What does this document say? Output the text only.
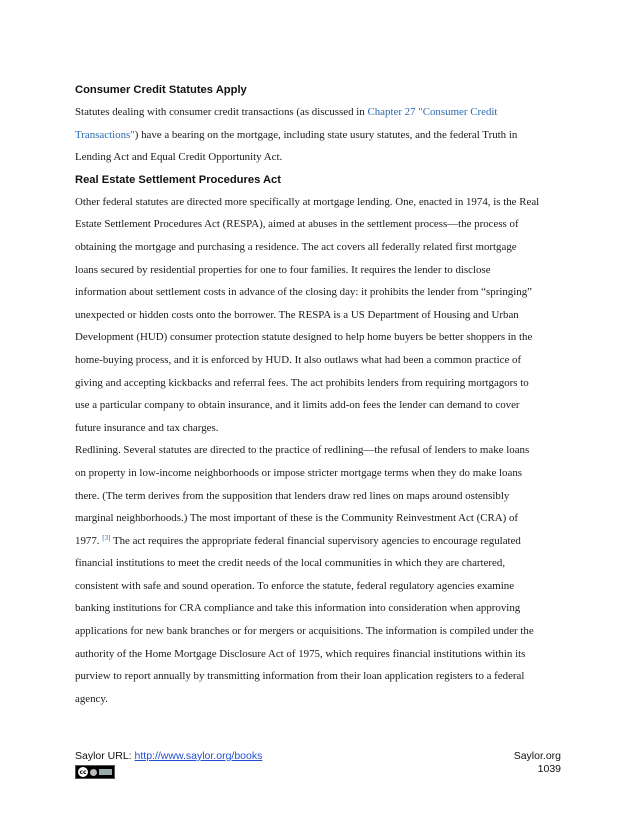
Consumer Credit Statutes Apply
Statutes dealing with consumer credit transactions (as discussed in Chapter 27 "Consumer Credit
Transactions") have a bearing on the mortgage, including state usury statutes, and the federal Truth in
Lending Act and Equal Credit Opportunity Act.
Real Estate Settlement Procedures Act
Other federal statutes are directed more specifically at mortgage lending. One, enacted in 1974, is the Real
Estate Settlement Procedures Act (RESPA), aimed at abuses in the settlement process—the process of
obtaining the mortgage and purchasing a residence. The act covers all federally related first mortgage
loans secured by residential properties for one to four families. It requires the lender to disclose
information about settlement costs in advance of the closing day: it prohibits the lender from “springing”
unexpected or hidden costs onto the borrower. The RESPA is a US Department of Housing and Urban
Development (HUD) consumer protection statute designed to help home buyers be better shoppers in the
home-buying process, and it is enforced by HUD. It also outlaws what had been a common practice of
giving and accepting kickbacks and referral fees. The act prohibits lenders from requiring mortgagors to
use a particular company to obtain insurance, and it limits add-on fees the lender can demand to cover
future insurance and tax charges.
Redlining. Several statutes are directed to the practice of redlining—the refusal of lenders to make loans
on property in low-income neighborhoods or impose stricter mortgage terms when they do make loans
there. (The term derives from the supposition that lenders draw red lines on maps around ostensibly
marginal neighborhoods.) The most important of these is the Community Reinvestment Act (CRA) of
1977. [3] The act requires the appropriate federal financial supervisory agencies to encourage regulated
financial institutions to meet the credit needs of the local communities in which they are chartered,
consistent with safe and sound operation. To enforce the statute, federal regulatory agencies examine
banking institutions for CRA compliance and take this information into consideration when approving
applications for new bank branches or for mergers or acquisitions. The information is compiled under the
authority of the Home Mortgage Disclosure Act of 1975, which requires financial institutions within its
purview to report annually by transmitting information from their loan application registers to a federal
agency.
Saylor URL: http://www.saylor.org/books
cc
Saylor.org
1039
